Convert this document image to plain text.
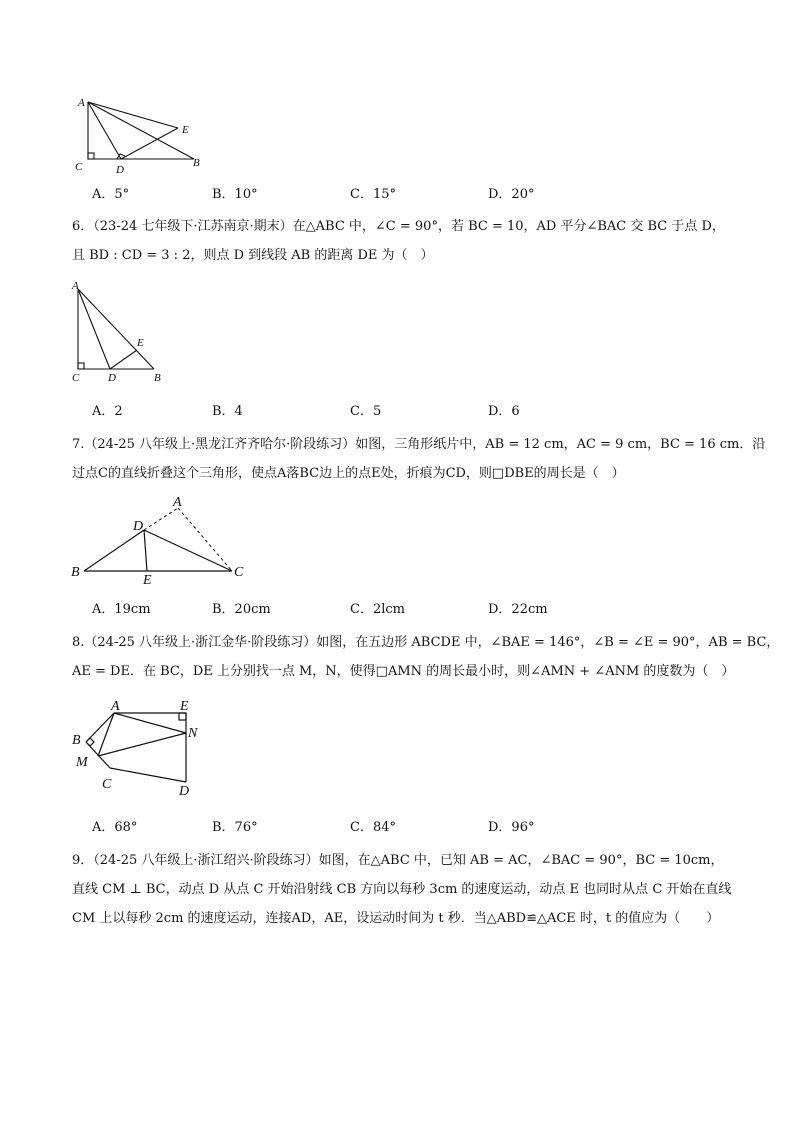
A
C	D
B
E
A．5°	B．10°	C．15°	D．20°
6．（23-24 七年级下·江苏南京·期末）在△ABC 中，∠C = 90°，若 BC = 10，AD 平分∠BAC 交 BC 于点 D，
且 BD : CD = 3 : 2，则点 D 到线段 AB 的距离 DE 为（　）
A
C	D	B
E
A．2	B．4	C．5	D．6
7.（24-25 八年级上·黑龙江齐齐哈尔·阶段练习）如图，三角形纸片中，AB = 12 cm，AC = 9 cm，BC = 16 cm．沿
过点C的直线折叠这个三角形，使点A落BC边上的点E处，折痕为CD，则□DBE的周长是（　）
A
D
B
E
C
A．19cm	B．20cm	C．2lcm	D．22cm
8.（24-25 八年级上·浙江金华·阶段练习）如图，在五边形 ABCDE 中，∠BAE = 146°，∠B = ∠E = 90°，AB = BC，
AE = DE．在 BC，DE 上分别找一点 M，N，使得□AMN 的周长最小时，则∠AMN + ∠ANM 的度数为（　）
A	E
B	N
M
C	D
A．68°	B．76°	C．84°	D．96°
9．（24-25 八年级上·浙江绍兴·阶段练习）如图，在△ABC 中，已知 AB = AC，∠BAC = 90°，BC = 10cm，
直线 CM ⊥ BC，动点 D 从点 C 开始沿射线 CB 方向以每秒 3cm 的速度运动，动点 E 也同时从点 C 开始在直线
CM 上以每秒 2cm 的速度运动，连接AD，AE，设运动时间为 t 秒．当△ABD≌△ACE 时，t 的值应为（　　）
